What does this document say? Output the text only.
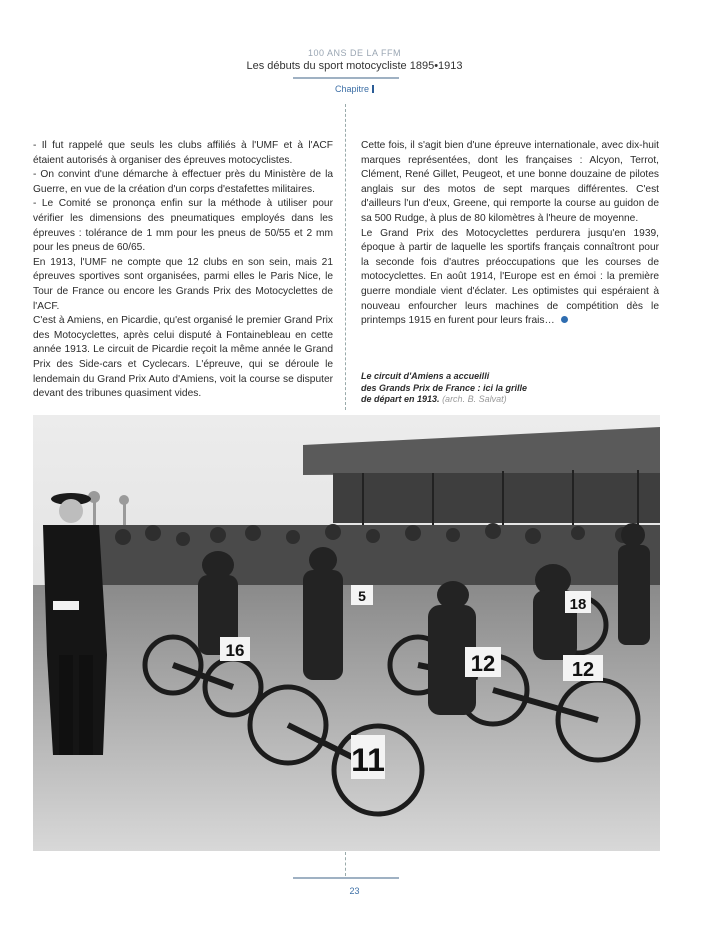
100 ANS DE LA FFM
Les débuts du sport motocycliste 1895•1913
Chapitre

- Il fut rappelé que seuls les clubs affiliés à l'UMF et à l'ACF étaient autorisés à organiser des épreuves motocyclistes.

- On convint d'une démarche à effectuer près du Ministère de la Guerre, en vue de la création d'un corps d'estafettes militaires.

- Le Comité se prononça enfin sur la méthode à utiliser pour vérifier les dimensions des pneumatiques employés dans les épreuves : tolérance de 1 mm pour les pneus de 50/55 et 2 mm pour les pneus de 60/65.

En 1913, l'UMF ne compte que 12 clubs en son sein, mais 21 épreuves sportives sont organisées, parmi elles le Paris Nice, le Tour de France ou encore les Grands Prix des Motocyclettes de l'ACF.

C'est à Amiens, en Picardie, qu'est organisé le premier Grand Prix des Motocyclettes, après celui disputé à Fontainebleau en cette année 1913. Le circuit de Picardie reçoit la même année le Grand Prix des Side-cars et Cyclecars. L'épreuve, qui se déroule le lendemain du Grand Prix Auto d'Amiens, voit la course se disputer devant des tribunes quasiment vides.

Cette fois, il s'agit bien d'une épreuve internationale, avec dix-huit marques représentées, dont les françaises : Alcyon, Terrot, Clément, René Gillet, Peugeot, et une bonne douzaine de pilotes anglais sur des motos de sept marques différentes. C'est d'ailleurs l'un d'eux, Greene, qui remporte la course au guidon de sa 500 Rudge, à plus de 80 kilomètres à l'heure de moyenne.

Le Grand Prix des Motocyclettes perdurera jusqu'en 1939, époque à partir de laquelle les sportifs français connaîtront pour la seconde fois d'autres préoccupations que les courses de motocyclettes. En août 1914, l'Europe est en émoi : la première guerre mondiale vient d'éclater. Les optimistes qui espéraient à nouveau enfourcher leurs machines de compétition dès le printemps 1915 en furent pour leurs frais…

Le circuit d'Amiens a accueilli
des Grands Prix de France : ici la grille
de départ en 1913. (arch. B. Salvat)
16
11
12	12
18
5
23
